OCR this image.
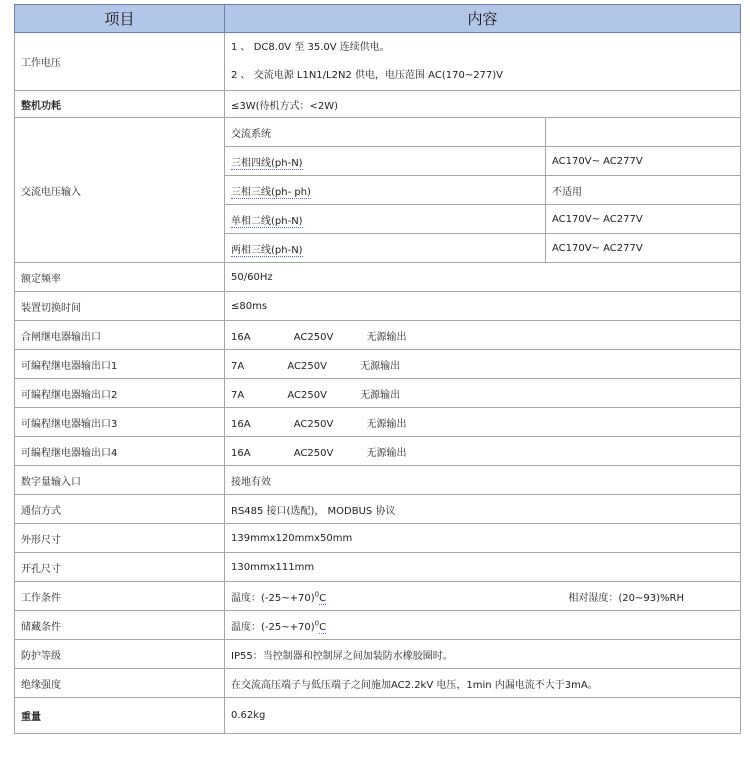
项目	内容	
工作电压	1 、 DC8.0V 至 35.0V 连续供电。
2 、 交流电源 L1N1/L2N2 供电，电压范围 AC(170~277)V	

整机功耗	≤3W(待机方式：<2W)	
交流电压输入	交流系统	
	三相四线(ph-N)	AC170V~ AC277V
	三相三线(ph- ph)	不适用
	单相二线(ph-N)	AC170V~ AC277V
	两相三线(ph-N)	AC170V~ AC277V
额定频率	50/60Hz	
装置切换时间	≤80ms	
合闸继电器输出口	16A AC250V 无源输出	
可编程继电器输出口1	7A AC250V 无源输出	
可编程继电器输出口2	7A AC250V 无源输出	
可编程继电器输出口3	16A AC250V 无源输出	
可编程继电器输出口4	16A AC250V 无源输出	
数字量输入口	接地有效	
通信方式	RS485 接口(选配)， MODBUS 协议	
外形尺寸	139mmx120mmx50mm	
开孔尺寸	130mmx111mm	
工作条件	温度：(-25~+70)$^0$C 相对湿度：(20~93)%RH	

储藏条件	温度：(-25~+70)$^0$C	
防护等级	IP55：当控制器和控制屏之间加装防水橡胶圈时。	
绝缘强度	在交流高压端子与低压端子之间施加AC2.2kV 电压，1min 内漏电流不大于3mA。	
重量	0.62kg	
